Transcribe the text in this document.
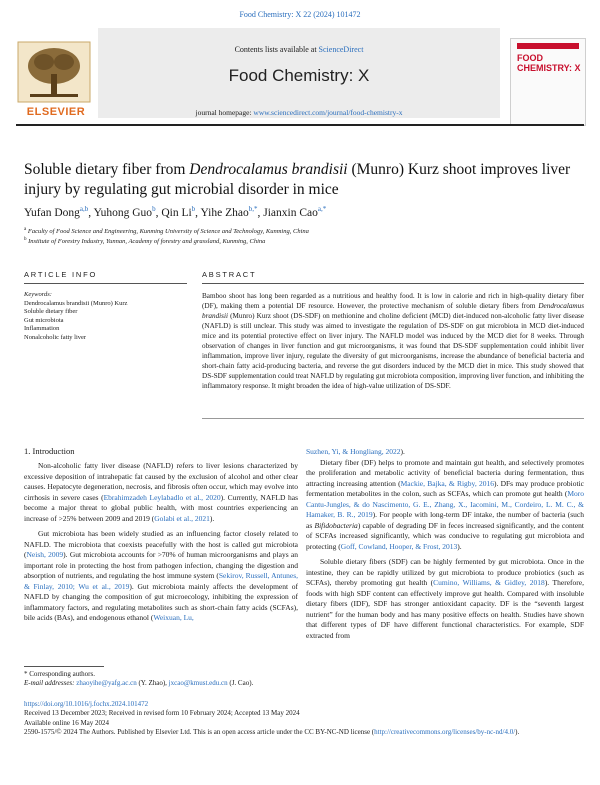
Food Chemistry: X 22 (2024) 101472
Contents lists available at ScienceDirect
Food Chemistry: X
journal homepage: www.sciencedirect.com/journal/food-chemistry-x
ELSEVIER
FOOD
CHEMISTRY: X
Soluble dietary fiber from Dendrocalamus brandisii (Munro) Kurz shoot improves liver injury by regulating gut microbial disorder in mice
Yufan Dong$^{a,b}$, Yuhong Guo$^b$, Qin Li$^b$, Yihe Zhao$^{b,*}$, Jianxin Cao$^{a,*}$
$^a$ Faculty of Food Science and Engineering, Kunming University of Science and Technology, Kunming, China
$^b$ Institute of Forestry Industry, Yunnan, Academy of forestry and grassland, Kunming, China
ARTICLE INFO	ABSTRACT
Keywords:
Dendrocalamus brandisii (Munro) Kurz
Soluble dietary fiber
Gut microbiota
Inflammation
Nonalcoholic fatty liver
Bamboo shoot has long been regarded as a nutritious and healthy food. It is low in calorie and rich in high-quality dietary fiber (DF), making them a potential DF resource. However, the protective mechanism of soluble dietary fibers from Dendrocalamus brandisii (Munro) Kurz shoot (DS-SDF) on methionine and choline deficient (MCD) diet-induced non-alcoholic fatty liver disease (NAFLD) is still unclear. This study was aimed to investigate the regulation of DS-SDF on gut microbiota in MCD diet-induced mice and its potential protective effect on liver injury. The NAFLD model was induced by the MCD diet for 8 weeks. Through observation of changes in liver function and gut microorganisms, it was found that DS-SDF supplementation could inhibit liver inflammation, improve liver injury, regulate the diversity of gut microorganisms, increase the abundance of beneficial bacteria and short-chain fatty acid-producing bacteria, and reverse the gut disorders induced by the MCD diet in mice. This study showed that DS-SDF supplementation could treat NAFLD by regulating gut microbiota composition, improving liver function, and inhibiting the inflammatory response. It might broaden the idea of high-value utilization of DS-SDF.
1. Introduction

Non-alcoholic fatty liver disease (NAFLD) refers to liver lesions characterized by excessive deposition of intrahepatic fat caused by the exclusion of alcohol and other clear causes. Hepatocyte degeneration, necrosis, and fibrosis often occur, which may evolve into cirrhosis in severe cases (Ebrahimzadeh Leylabadlo et al., 2020). Currently, NAFLD has become a major threat to global public health, with most countries experiencing an increase of >25% between 2009 and 2019 (Golabi et al., 2021).

Gut microbiota has been widely studied as an influencing factor closely related to NAFLD. The microbiota that coexists peacefully with the host is called gut microbiota (Neish, 2009). Gut microbiota accounts for >70% of human microorganisms and plays an important role in protecting the host from pathogen infection, changing the digestion and absorption of nutrients, and regulating the host immune system (Sekirov, Russell, Antunes, & Finlay, 2010; Wu et al., 2019). Gut microbiota mainly affects the development of NAFLD by changing the composition of gut microecology, inhibiting the expression of inflammatory factors, and regulating metabolites such as short-chain fatty acids (SCFAs), bile acids (BAs), and endogenous ethanol (Weixuan, Lu,

Suzhen, Yi, & Hongliang, 2022).

Dietary fiber (DF) helps to promote and maintain gut health, and selectively promotes the proliferation and metabolic activity of beneficial bacteria during fermentation, thus attracting increasing attention (Mackie, Bajka, & Rigby, 2016). DFs may produce probiotic fermentation metabolites in the colon, such as SCFAs, which can promote gut health (Moro Cantu-Jungles, & do Nascimento, G. E., Zhang, X., Iacomini, M., Cordeiro, L. M. C., & Hamaker, B. R., 2019). For people with long-term DF intake, the number of bacteria (such as Bifidobacteria) capable of degrading DF in feces increased significantly, and the content of SCFAs increased significantly, which was conducive to regulating gut microbiota and protecting (Goff, Cowland, Hooper, & Frost, 2013).

Soluble dietary fibers (SDF) can be highly fermented by gut microbiota. Once in the intestine, they can be rapidly utilized by gut microbiota to produce probiotics (such as SCFAs), thereby promoting gut health (Cumino, Williams, & Gidley, 2018). Therefore, foods with high SDF content can effectively improve gut health. Compared with insoluble dietary fibers (IDF), SDF has stronger antioxidant capacity. DF is the “seventh largest nutrient” for the human body and has many positive effects on health. Studies have shown that different types of DF have different functional characteristics. For example, SDF extracted from

* Corresponding authors.
E-mail addresses: zhaoyihe@yafg.ac.cn (Y. Zhao), jxcao@kmust.edu.cn (J. Cao).
https://doi.org/10.1016/j.fochx.2024.101472
Received 13 December 2023; Received in revised form 10 February 2024; Accepted 13 May 2024
Available online 16 May 2024
2590-1575/© 2024 The Authors. Published by Elsevier Ltd. This is an open access article under the CC BY-NC-ND license (http://creativecommons.org/licenses/by-nc-nd/4.0/).
